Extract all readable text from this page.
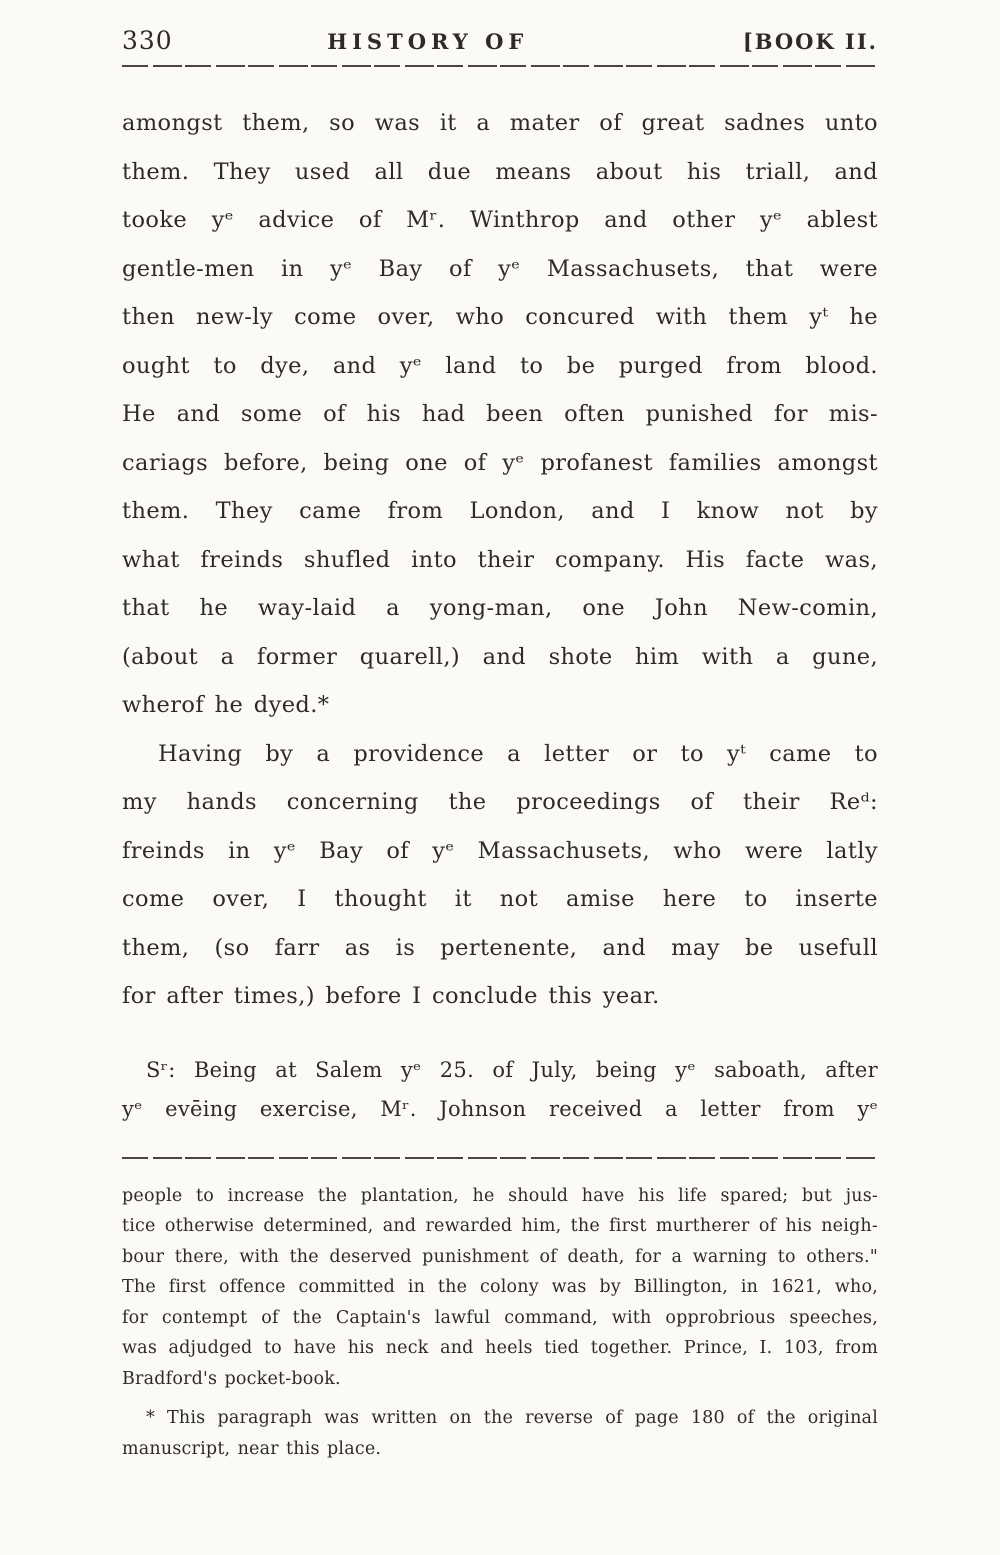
330	HISTORY OF	[BOOK II.
amongst them, so was it a mater of great sadnes unto
them. They used all due means about his triall, and
tooke yᵉ advice of Mʳ. Winthrop and other yᵉ ablest
gentle-men in yᵉ Bay of yᵉ Massachusets, that were
then new-ly come over, who concured with them yᵗ he
ought to dye, and yᵉ land to be purged from blood.
He and some of his had been often punished for mis-
cariags before, being one of yᵉ profanest families amongst
them. They came from London, and I know not by
what freinds shufled into their company. His facte was,
that he way-laid a yong-man, one John New-comin,
(about a former quarell,) and shote him with a gune,
wherof he dyed.*
Having by a providence a letter or to yᵗ came to
my hands concerning the proceedings of their Reᵈ:
freinds in yᵉ Bay of yᵉ Massachusets, who were latly
come over, I thought it not amise here to inserte
them, (so farr as is pertenente, and may be usefull
for after times,) before I conclude this year.
Sʳ: Being at Salem yᵉ 25. of July, being yᵉ saboath, after
yᵉ evēing exercise, Mʳ. Johnson received a letter from yᵉ
people to increase the plantation, he should have his life spared; but jus-
tice otherwise determined, and rewarded him, the first murtherer of his neigh-
bour there, with the deserved punishment of death, for a warning to others."
The first offence committed in the colony was by Billington, in 1621, who,
for contempt of the Captain's lawful command, with opprobrious speeches,
was adjudged to have his neck and heels tied together. Prince, I. 103, from
Bradford's pocket-book.
* This paragraph was written on the reverse of page 180 of the original
manuscript, near this place.
